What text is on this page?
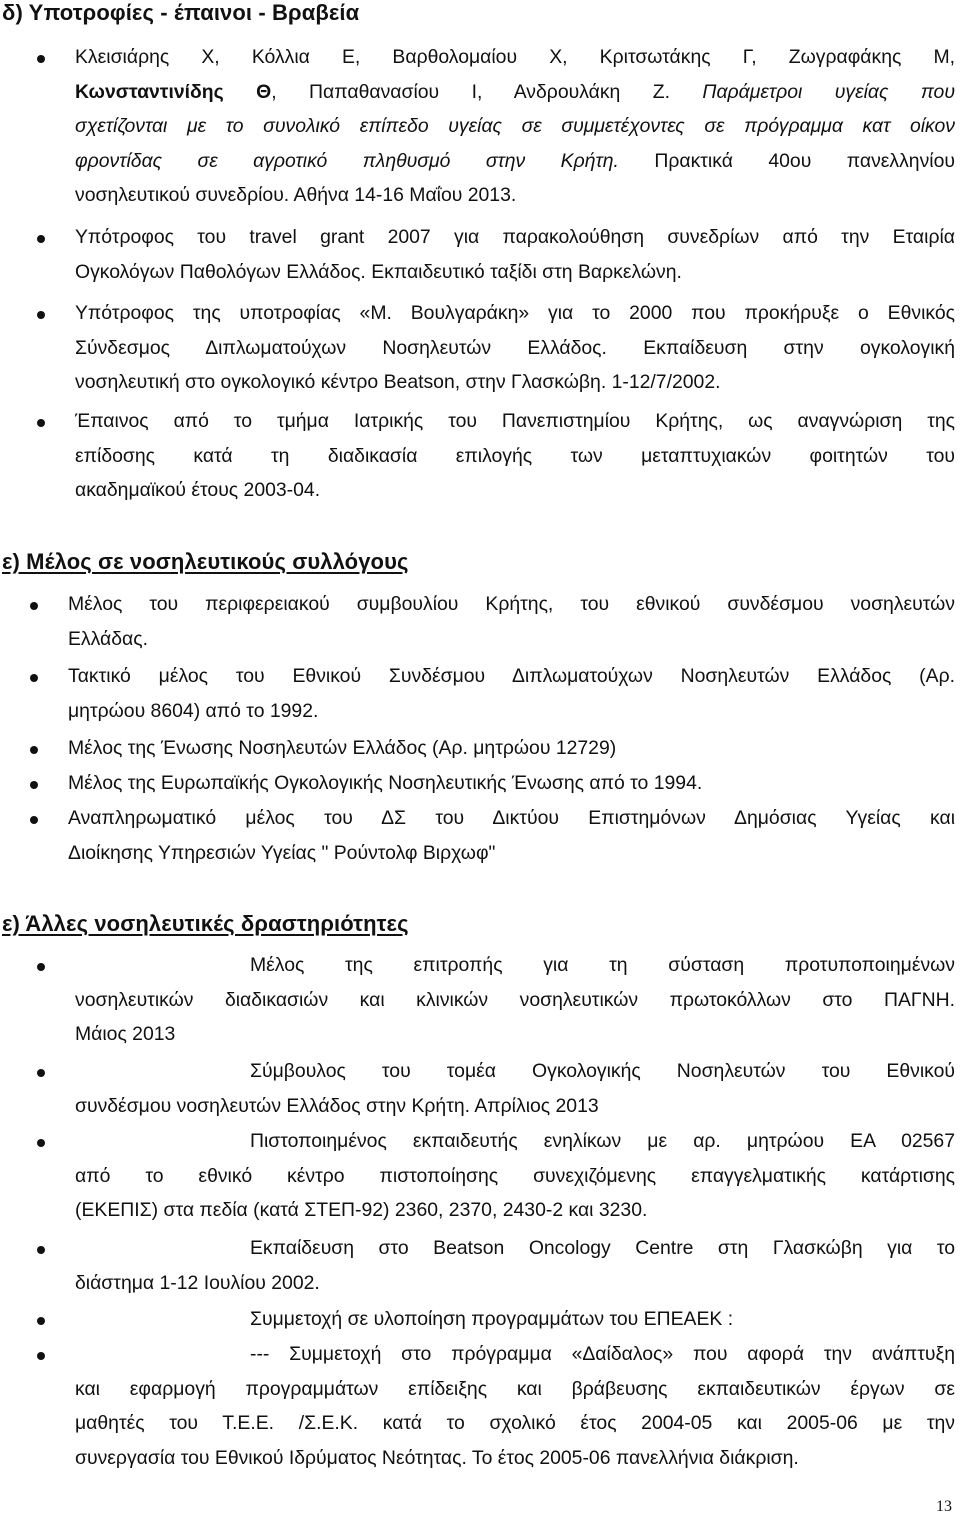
δ) Υποτροφίες - έπαινοι - Βραβεία
Κλεισιάρης Χ, Κόλλια Ε, Βαρθολομαίου Χ, Κριτσωτάκης Γ, Ζωγραφάκης Μ,
Κωνσταντινίδης Θ, Παπαθανασίου Ι, Ανδρουλάκη Ζ. Παράμετροι υγείας που
σχετίζονται με το συνολικό επίπεδο υγείας σε συμμετέχοντες σε πρόγραμμα κατ οίκον
φροντίδας σε αγροτικό πληθυσμό στην Κρήτη. Πρακτικά 40ου πανελληνίου
νοσηλευτικού συνεδρίου. Αθήνα 14-16 Μαΐου 2013.
Υπότροφος του travel grant 2007 για παρακολούθηση συνεδρίων από την Εταιρία
Ογκολόγων Παθολόγων Ελλάδος. Εκπαιδευτικό ταξίδι στη Βαρκελώνη.
Υπότροφος της υποτροφίας «Μ. Βουλγαράκη» για το 2000 που προκήρυξε ο Εθνικός
Σύνδεσμος Διπλωματούχων Νοσηλευτών Ελλάδος. Εκπαίδευση στην ογκολογική
νοσηλευτική στο ογκολογικό κέντρο Beatson, στην Γλασκώβη. 1-12/7/2002.
Έπαινος από το τμήμα Ιατρικής του Πανεπιστημίου Κρήτης, ως αναγνώριση της
επίδοσης κατά τη διαδικασία επιλογής των μεταπτυχιακών φοιτητών του
ακαδημαϊκού έτους 2003-04.
ε) Μέλος σε νοσηλευτικούς συλλόγους
Μέλος του περιφερειακού συμβουλίου Κρήτης, του εθνικού συνδέσμου νοσηλευτών
Ελλάδας.
Τακτικό μέλος του Εθνικού Συνδέσμου Διπλωματούχων Νοσηλευτών Ελλάδος (Αρ.
μητρώου 8604) από το 1992.
Μέλος της Ένωσης Νοσηλευτών Ελλάδος (Αρ. μητρώου 12729)
Μέλος της Ευρωπαϊκής Ογκολογικής Νοσηλευτικής Ένωσης από το 1994.
Αναπληρωματικό μέλος του ΔΣ του Δικτύου Επιστημόνων Δημόσιας Υγείας και
Διοίκησης Υπηρεσιών Υγείας " Ρούντολφ Βιρχωφ"
ε) Άλλες νοσηλευτικές δραστηριότητες
Μέλος της επιτροπής για τη σύσταση προτυποποιημένων
νοσηλευτικών διαδικασιών και κλινικών νοσηλευτικών πρωτοκόλλων στο ΠΑΓΝΗ.
Μάιος 2013
Σύμβουλος του τομέα Ογκολογικής Νοσηλευτών του Εθνικού
συνδέσμου νοσηλευτών Ελλάδος στην Κρήτη. Απρίλιος 2013
Πιστοποιημένος εκπαιδευτής ενηλίκων με αρ. μητρώου ΕΑ 02567
από το εθνικό κέντρο πιστοποίησης συνεχιζόμενης επαγγελματικής κατάρτισης
(ΕΚΕΠΙΣ) στα πεδία (κατά ΣΤΕΠ-92) 2360, 2370, 2430-2 και 3230.
Εκπαίδευση στο Beatson Oncology Centre στη Γλασκώβη για το
διάστημα 1-12 Ιουλίου 2002.
Συμμετοχή σε υλοποίηση προγραμμάτων του ΕΠΕΑΕΚ :
--- Συμμετοχή στο πρόγραμμα «Δαίδαλος» που αφορά την ανάπτυξη
και εφαρμογή προγραμμάτων επίδειξης και βράβευσης εκπαιδευτικών έργων σε
μαθητές του Τ.Ε.Ε. /Σ.Ε.Κ. κατά το σχολικό έτος 2004-05 και 2005-06 με την
συνεργασία του Εθνικού Ιδρύματος Νεότητας. Το έτος 2005-06 πανελλήνια διάκριση.
13
